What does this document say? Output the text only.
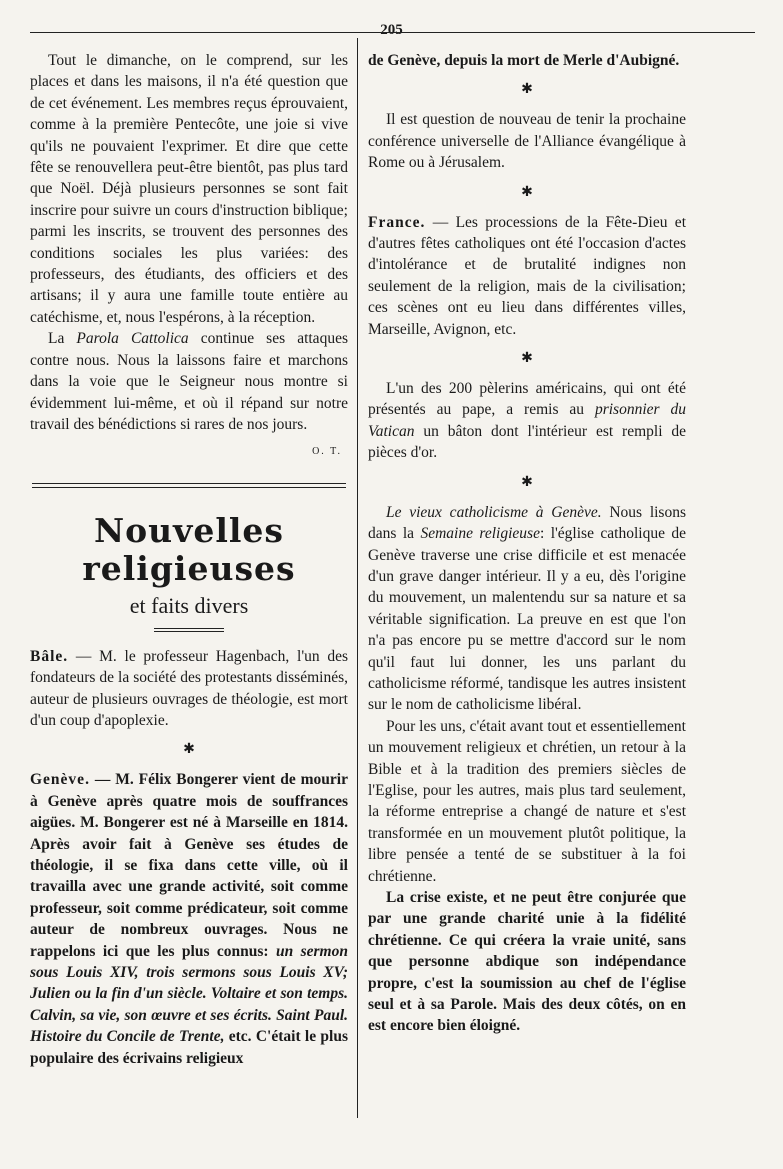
205

Tout le dimanche, on le comprend, sur les places et dans les maisons, il n'a été question que de cet événement. Les membres reçus éprouvaient, comme à la première Pentecôte, une joie si vive qu'ils ne pouvaient l'exprimer. Et dire que cette fête se renouvellera peut-être bientôt, pas plus tard que Noël. Déjà plusieurs personnes se sont fait inscrire pour suivre un cours d'instruction biblique; parmi les inscrits, se trouvent des personnes des conditions sociales les plus variées: des professeurs, des étudiants, des officiers et des artisans; il y aura une famille toute entière au catéchisme, et, nous l'espérons, à la réception.

La Parola Cattolica continue ses attaques contre nous. Nous la laissons faire et marchons dans la voie que le Seigneur nous montre si évidemment lui-même, et où il répand sur notre travail des bénédictions si rares de nos jours.

O. T.
Nouvelles religieuses
et faits divers

Bâle. — M. le professeur Hagenbach, l'un des fondateurs de la société des protestants disséminés, auteur de plusieurs ouvrages de théologie, est mort d'un coup d'apoplexie.

✱

Genève. — M. Félix Bongerer vient de mourir à Genève après quatre mois de souffrances aigües. M. Bongerer est né à Marseille en 1814. Après avoir fait à Genève ses études de théologie, il se fixa dans cette ville, où il travailla avec une grande activité, soit comme professeur, soit comme prédicateur, soit comme auteur de nombreux ouvrages. Nous ne rappelons ici que les plus connus: un sermon sous Louis XIV, trois sermons sous Louis XV; Julien ou la fin d'un siècle. Voltaire et son temps. Calvin, sa vie, son œuvre et ses écrits. Saint Paul. Histoire du Concile de Trente, etc. C'était le plus populaire des écrivains religieux

de Genève, depuis la mort de Merle d'Aubigné.

✱

Il est question de nouveau de tenir la prochaine conférence universelle de l'Alliance évangélique à Rome ou à Jérusalem.

✱

France. — Les processions de la Fête-Dieu et d'autres fêtes catholiques ont été l'occasion d'actes d'intolérance et de brutalité indignes non seulement de la religion, mais de la civilisation; ces scènes ont eu lieu dans différentes villes, Marseille, Avignon, etc.

✱

L'un des 200 pèlerins américains, qui ont été présentés au pape, a remis au prisonnier du Vatican un bâton dont l'intérieur est rempli de pièces d'or.

✱

Le vieux catholicisme à Genève. Nous lisons dans la Semaine religieuse: l'église catholique de Genève traverse une crise difficile et est menacée d'un grave danger intérieur. Il y a eu, dès l'origine du mouvement, un malentendu sur sa nature et sa véritable signification. La preuve en est que l'on n'a pas encore pu se mettre d'accord sur le nom qu'il faut lui donner, les uns parlant du catholicisme réformé, tandisque les autres insistent sur le nom de catholicisme libéral.

Pour les uns, c'était avant tout et essentiellement un mouvement religieux et chrétien, un retour à la Bible et à la tradition des premiers siècles de l'Eglise, pour les autres, mais plus tard seulement, la réforme entreprise a changé de nature et s'est transformée en un mouvement plutôt politique, la libre pensée a tenté de se substituer à la foi chrétienne.

La crise existe, et ne peut être conjurée que par une grande charité unie à la fidélité chrétienne. Ce qui créera la vraie unité, sans que personne abdique son indépendance propre, c'est la soumission au chef de l'église seul et à sa Parole. Mais des deux côtés, on en est encore bien éloigné.
